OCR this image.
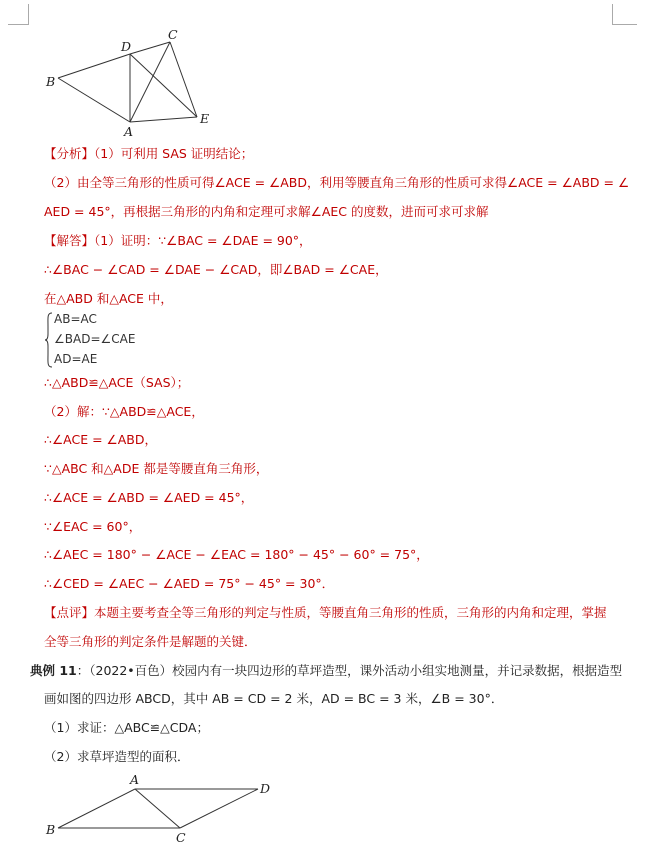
D
C
B
A
E
【分析】（1）可利用 SAS 证明结论；
（2）由全等三角形的性质可得∠ACE = ∠ABD，利用等腰直角三角形的性质可求得∠ACE = ∠ABD = ∠
AED = 45°，再根据三角形的内角和定理可求解∠AEC 的度数，进而可求可求解
【解答】（1）证明：∵∠BAC = ∠DAE = 90°，
∴∠BAC − ∠CAD = ∠DAE − ∠CAD，即∠BAD = ∠CAE，
在△ABD 和△ACE 中，
AB=AC
∠BAD=∠CAE
AD=AE
∴△ABD≌△ACE（SAS）；
（2）解：∵△ABD≌△ACE，
∴∠ACE = ∠ABD，
∵△ABC 和△ADE 都是等腰直角三角形，
∴∠ACE = ∠ABD = ∠AED = 45°，
∵∠EAC = 60°，
∴∠AEC = 180° − ∠ACE − ∠EAC = 180° − 45° − 60° = 75°，
∴∠CED = ∠AEC − ∠AED = 75° − 45° = 30°．
【点评】本题主要考查全等三角形的判定与性质，等腰直角三角形的性质，三角形的内角和定理，掌握
全等三角形的判定条件是解题的关键．
典例 11：（2022•百色）校园内有一块四边形的草坪造型，课外活动小组实地测量，并记录数据，根据造型
画如图的四边形 ABCD，其中 AB = CD = 2 米，AD = BC = 3 米，∠B = 30°．
（1）求证：△ABC≌△CDA；
（2）求草坪造型的面积．
A
D
B
C
